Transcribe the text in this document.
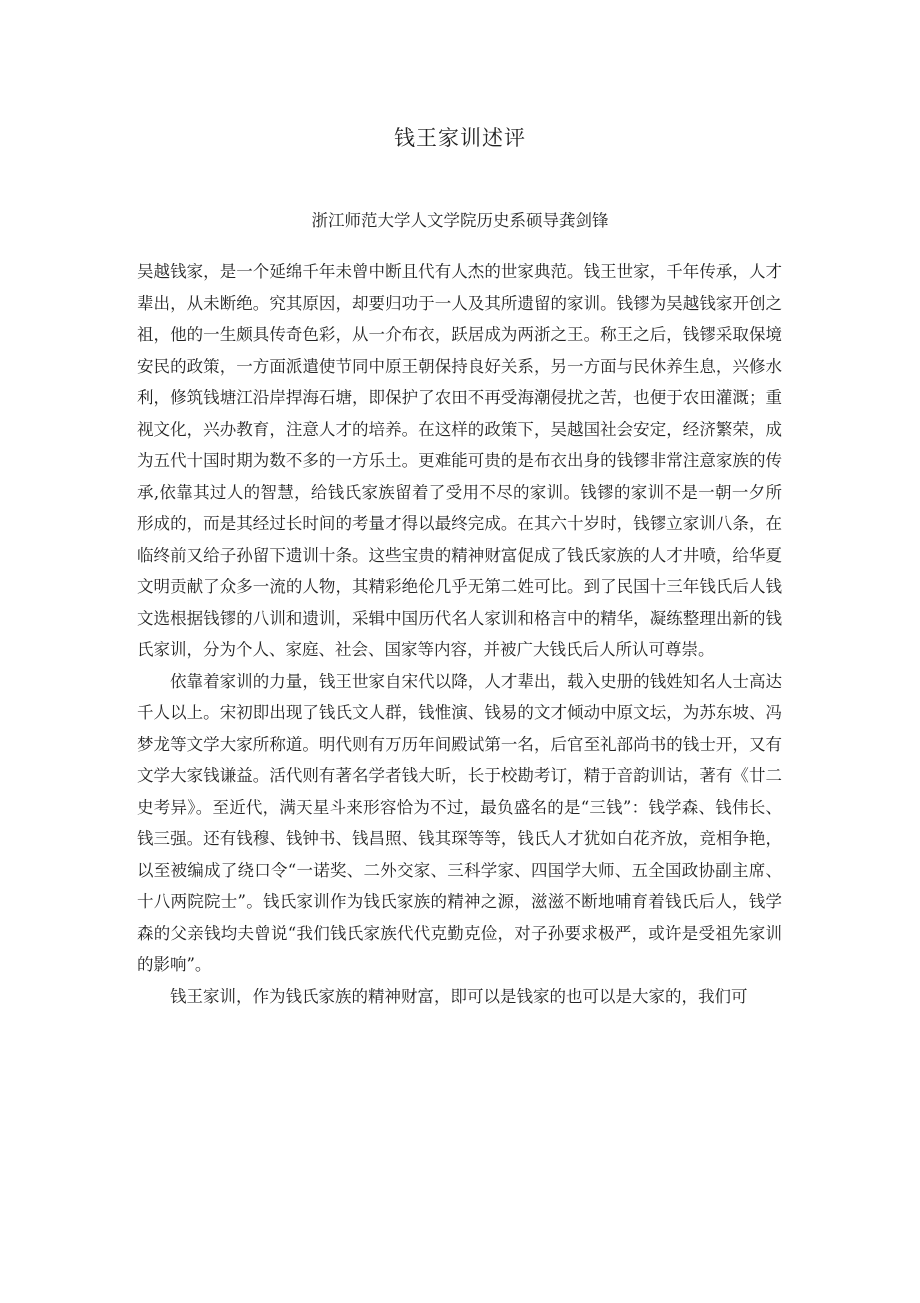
钱王家训述评
浙江师范大学人文学院历史系硕导龚剑锋

吴越钱家，是一个延绵千年未曾中断且代有人杰的世家典范。钱王世家，千年传承，人才辈出，从未断绝。究其原因，却要归功于一人及其所遗留的家训。钱镠为吴越钱家开创之祖，他的一生颇具传奇色彩，从一介布衣，跃居成为两浙之王。称王之后，钱镠采取保境安民的政策，一方面派遣使节同中原王朝保持良好关系，另一方面与民休养生息，兴修水利，修筑钱塘江沿岸捍海石塘，即保护了农田不再受海潮侵扰之苦，也便于农田灌溉；重视文化，兴办教育，注意人才的培养。在这样的政策下，吴越国社会安定，经济繁荣，成为五代十国时期为数不多的一方乐土。更难能可贵的是布衣出身的钱镠非常注意家族的传承,依靠其过人的智慧，给钱氏家族留着了受用不尽的家训。钱镠的家训不是一朝一夕所形成的，而是其经过长时间的考量才得以最终完成。在其六十岁时，钱镠立家训八条，在临终前又给子孙留下遗训十条。这些宝贵的精神财富促成了钱氏家族的人才井喷，给华夏文明贡献了众多一流的人物，其精彩绝伦几乎无第二姓可比。到了民国十三年钱氏后人钱文选根据钱镠的八训和遗训，采辑中国历代名人家训和格言中的精华，凝练整理出新的钱氏家训，分为个人、家庭、社会、国家等内容，并被广大钱氏后人所认可尊崇。

依靠着家训的力量，钱王世家自宋代以降，人才辈出，载入史册的钱姓知名人士高达千人以上。宋初即出现了钱氏文人群，钱惟演、钱易的文才倾动中原文坛，为苏东坡、冯梦龙等文学大家所称道。明代则有万历年间殿试第一名，后官至礼部尚书的钱士开，又有文学大家钱谦益。活代则有著名学者钱大昕，长于校勘考订，精于音韵训诂，著有《廿二史考异》。至近代，满天星斗来形容恰为不过，最负盛名的是“三钱”：钱学森、钱伟长、钱三强。还有钱穆、钱钟书、钱昌照、钱其琛等等，钱氏人才犹如白花齐放，竞相争艳，以至被编成了绕口令“一诺奖、二外交家、三科学家、四国学大师、五全国政协副主席、十八两院院士”。钱氏家训作为钱氏家族的精神之源，滋滋不断地哺育着钱氏后人，钱学森的父亲钱均夫曾说“我们钱氏家族代代克勤克俭，对子孙要求极严，或许是受祖先家训的影响”。

钱王家训，作为钱氏家族的精神财富，即可以是钱家的也可以是大家的，我们可
